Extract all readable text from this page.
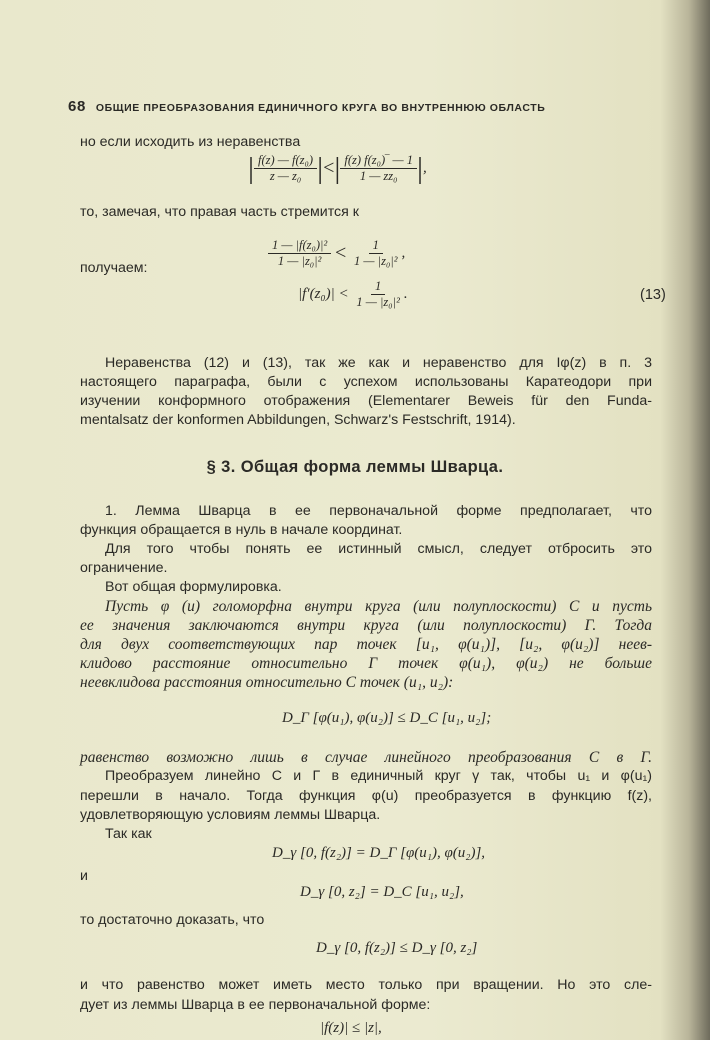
68 ОБЩИЕ ПРЕОБРАЗОВАНИЯ ЕДИНИЧНОГО КРУГА ВО ВНУТРЕННЮЮ ОБЛАСТЬ
но если исходить из неравенства
| $\frac{\text{f(z) — f(z₀)}}{\text{z — z₀}}$ |<| $\frac{\text{f(z) f(z₀)‾ — 1}}{\text{1 — zz₀}}$ |,
то, замечая, что правая часть стремится к
$\frac{\text{1 — |f(z₀)|²}}{\text{1 — |z₀|²}} < \frac{1}{\text{1 — |z₀|²}}$ ,
получаем:
$|f'(z_0)| < \frac{1}{\text{1 — |z₀|²}}$ .	(13)
Неравенства (12) и (13), так же как и неравенство для Iφ(z) в п. 3
настоящего параграфа, были с успехом использованы Каратеодори при
изучении конформного отображения (Elementarer Beweis für den Funda-
mentalsatz der konformen Abbildungen, Schwarz's Festschrift, 1914).
§ 3. Общая форма леммы Шварца.
1. Лемма Шварца в ее первоначальной форме предполагает, что
функция обращается в нуль в начале координат.
Для того чтобы понять ее истинный смысл, следует отбросить это
ограничение.
Вот общая формулировка.
Пусть φ (u) голоморфна внутри круга (или полуплоскости) C и пусть
ее значения заключаются внутри круга (или полуплоскости) Г. Тогда
для двух соответствующих пар точек [u₁, φ(u₁)], [u₂, φ(u₂)] неев-
клидово расстояние относительно Г точек φ(u₁), φ(u₂) не больше
неевклидова расстояния относительно C точек (u₁, u₂):
D_Г [φ(u₁), φ(u₂)] ≤ D_C [u₁, u₂];
равенство возможно лишь в случае линейного преобразования C в Г.
Преобразуем линейно C и Г в единичный круг γ так, чтобы u₁ и φ(u₁)
перешли в начало. Тогда функция φ(u) преобразуется в функцию f(z),
удовлетворяющую условиям леммы Шварца.
Так как
D_γ [0, f(z₂)] = D_Г [φ(u₁), φ(u₂)],
и
D_γ [0, z₂] = D_C [u₁, u₂],
то достаточно доказать, что
D_γ [0, f(z₂)] ≤ D_γ [0, z₂]
и что равенство может иметь место только при вращении. Но это сле-
дует из леммы Шварца в ее первоначальной форме:
|f(z)| ≤ |z|,
